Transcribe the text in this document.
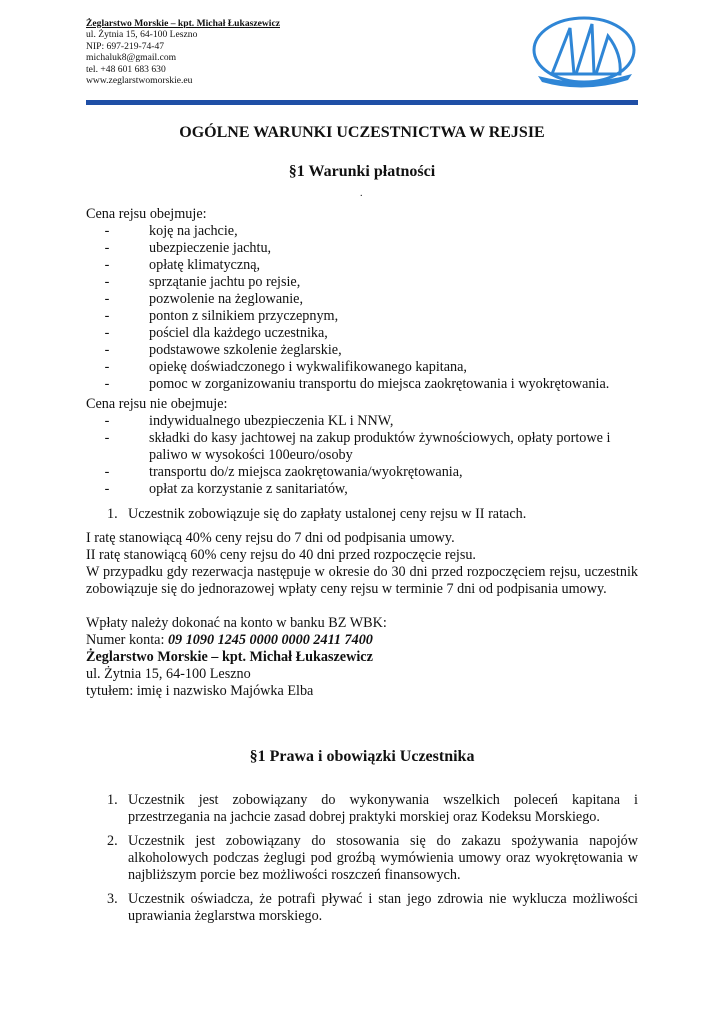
Żeglarstwo Morskie – kpt. Michał Łukaszewicz
ul. Żytnia 15, 64-100 Leszno
NIP: 697-219-74-47
michaluk8@gmail.com
tel. +48 601 683 630
www.zeglarstwomorskie.eu
OGÓLNE WARUNKI UCZESTNICTWA W REJSIE
§1 Warunki płatności
.
Cena rejsu obejmuje:
-	koję na jachcie,
-	ubezpieczenie jachtu,
-	opłatę klimatyczną,
-	sprzątanie jachtu po rejsie,
-	pozwolenie na żeglowanie,
-	ponton z silnikiem przyczepnym,
-	pościel dla każdego uczestnika,
-	podstawowe szkolenie żeglarskie,
-	opiekę doświadczonego i wykwalifikowanego kapitana,
-	pomoc w zorganizowaniu transportu do miejsca zaokrętowania i wyokrętowania.
Cena rejsu nie obejmuje:
-	indywidualnego ubezpieczenia KL i NNW,
-	składki do kasy jachtowej na zakup produktów żywnościowych, opłaty portowe i
paliwo w wysokości 100euro/osoby
-	transportu do/z miejsca zaokrętowania/wyokrętowania,
-	opłat za korzystanie z sanitariatów,
1. Uczestnik zobowiązuje się do zapłaty ustalonej ceny rejsu w II ratach.
I ratę stanowiącą 40% ceny rejsu do 7 dni od podpisania umowy.
II ratę stanowiącą 60% ceny rejsu do 40 dni przed rozpoczęcie rejsu.

W przypadku gdy rezerwacja następuje w okresie do 30 dni przed rozpoczęciem rejsu, uczestnik zobowiązuje się do jednorazowej wpłaty ceny rejsu w terminie 7 dni od podpisania umowy.

Wpłaty należy dokonać na konto w banku BZ WBK:
Numer konta: 09 1090 1245 0000 0000 2411 7400
Żeglarstwo Morskie – kpt. Michał Łukaszewicz
ul. Żytnia 15, 64-100 Leszno
tytułem: imię i nazwisko Majówka Elba
§1 Prawa i obowiązki Uczestnika
1. Uczestnik jest zobowiązany do wykonywania wszelkich poleceń kapitana i przestrzegania na jachcie zasad dobrej praktyki morskiej oraz Kodeksu Morskiego.
2. Uczestnik jest zobowiązany do stosowania się do zakazu spożywania napojów alkoholowych podczas żeglugi pod groźbą wymówienia umowy oraz wyokrętowania w najbliższym porcie bez możliwości roszczeń finansowych.
3. Uczestnik oświadcza, że potrafi pływać i stan jego zdrowia nie wyklucza możliwości uprawiania żeglarstwa morskiego.
